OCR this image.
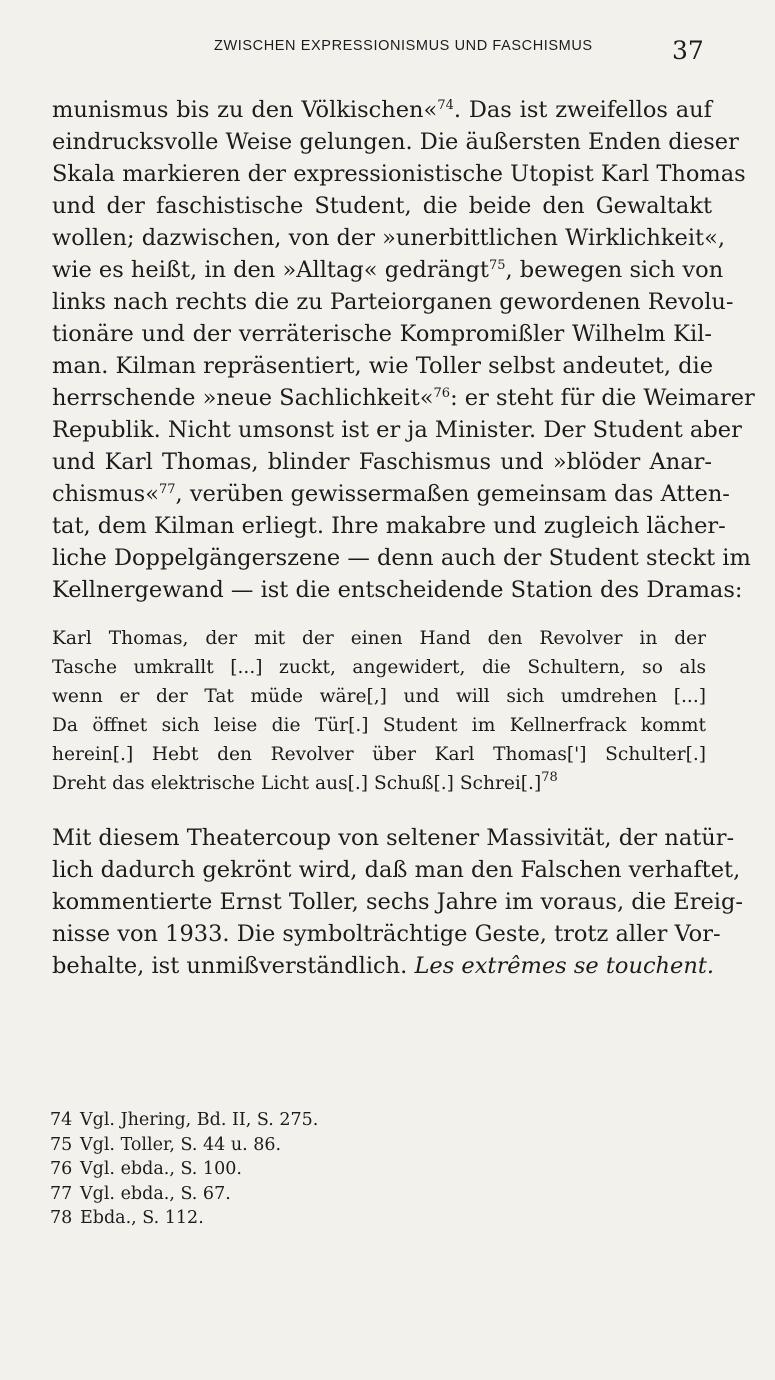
ZWISCHEN EXPRESSIONISMUS UND FASCHISMUS	37
munismus bis zu den Völkischen«$^{74}$. Das ist zweifellos auf
eindrucksvolle Weise gelungen. Die äußersten Enden dieser
Skala markieren der expressionistische Utopist Karl Thomas
und der faschistische Student, die beide den Gewaltakt
wollen; dazwischen, von der »unerbittlichen Wirklichkeit«,
wie es heißt, in den »Alltag« gedrängt$^{75}$, bewegen sich von
links nach rechts die zu Parteiorganen gewordenen Revolu-
tionäre und der verräterische Kompromißler Wilhelm Kil-
man. Kilman repräsentiert, wie Toller selbst andeutet, die
herrschende »neue Sachlichkeit«$^{76}$: er steht für die Weimarer
Republik. Nicht umsonst ist er ja Minister. Der Student aber
und Karl Thomas, blinder Faschismus und »blöder Anar-
chismus«$^{77}$, verüben gewissermaßen gemeinsam das Atten-
tat, dem Kilman erliegt. Ihre makabre und zugleich lächer-
liche Doppelgängerszene — denn auch der Student steckt im
Kellnergewand — ist die entscheidende Station des Dramas:
Karl Thomas, der mit der einen Hand den Revolver in der
Tasche umkrallt [...] zuckt, angewidert, die Schultern, so als
wenn er der Tat müde wäre[,] und will sich umdrehen [...]
Da öffnet sich leise die Tür[.] Student im Kellnerfrack kommt
herein[.] Hebt den Revolver über Karl Thomas['] Schulter[.]
Dreht das elektrische Licht aus[.] Schuß[.] Schrei[.]$^{78}$
Mit diesem Theatercoup von seltener Massivität, der natür-
lich dadurch gekrönt wird, daß man den Falschen verhaftet,
kommentierte Ernst Toller, sechs Jahre im voraus, die Ereig-
nisse von 1933. Die symbolträchtige Geste, trotz aller Vor-
behalte, ist unmißverständlich. Les extrêmes se touchent.
74 Vgl. Jhering, Bd. II, S. 275.
75 Vgl. Toller, S. 44 u. 86.
76 Vgl. ebda., S. 100.
77 Vgl. ebda., S. 67.
78 Ebda., S. 112.
